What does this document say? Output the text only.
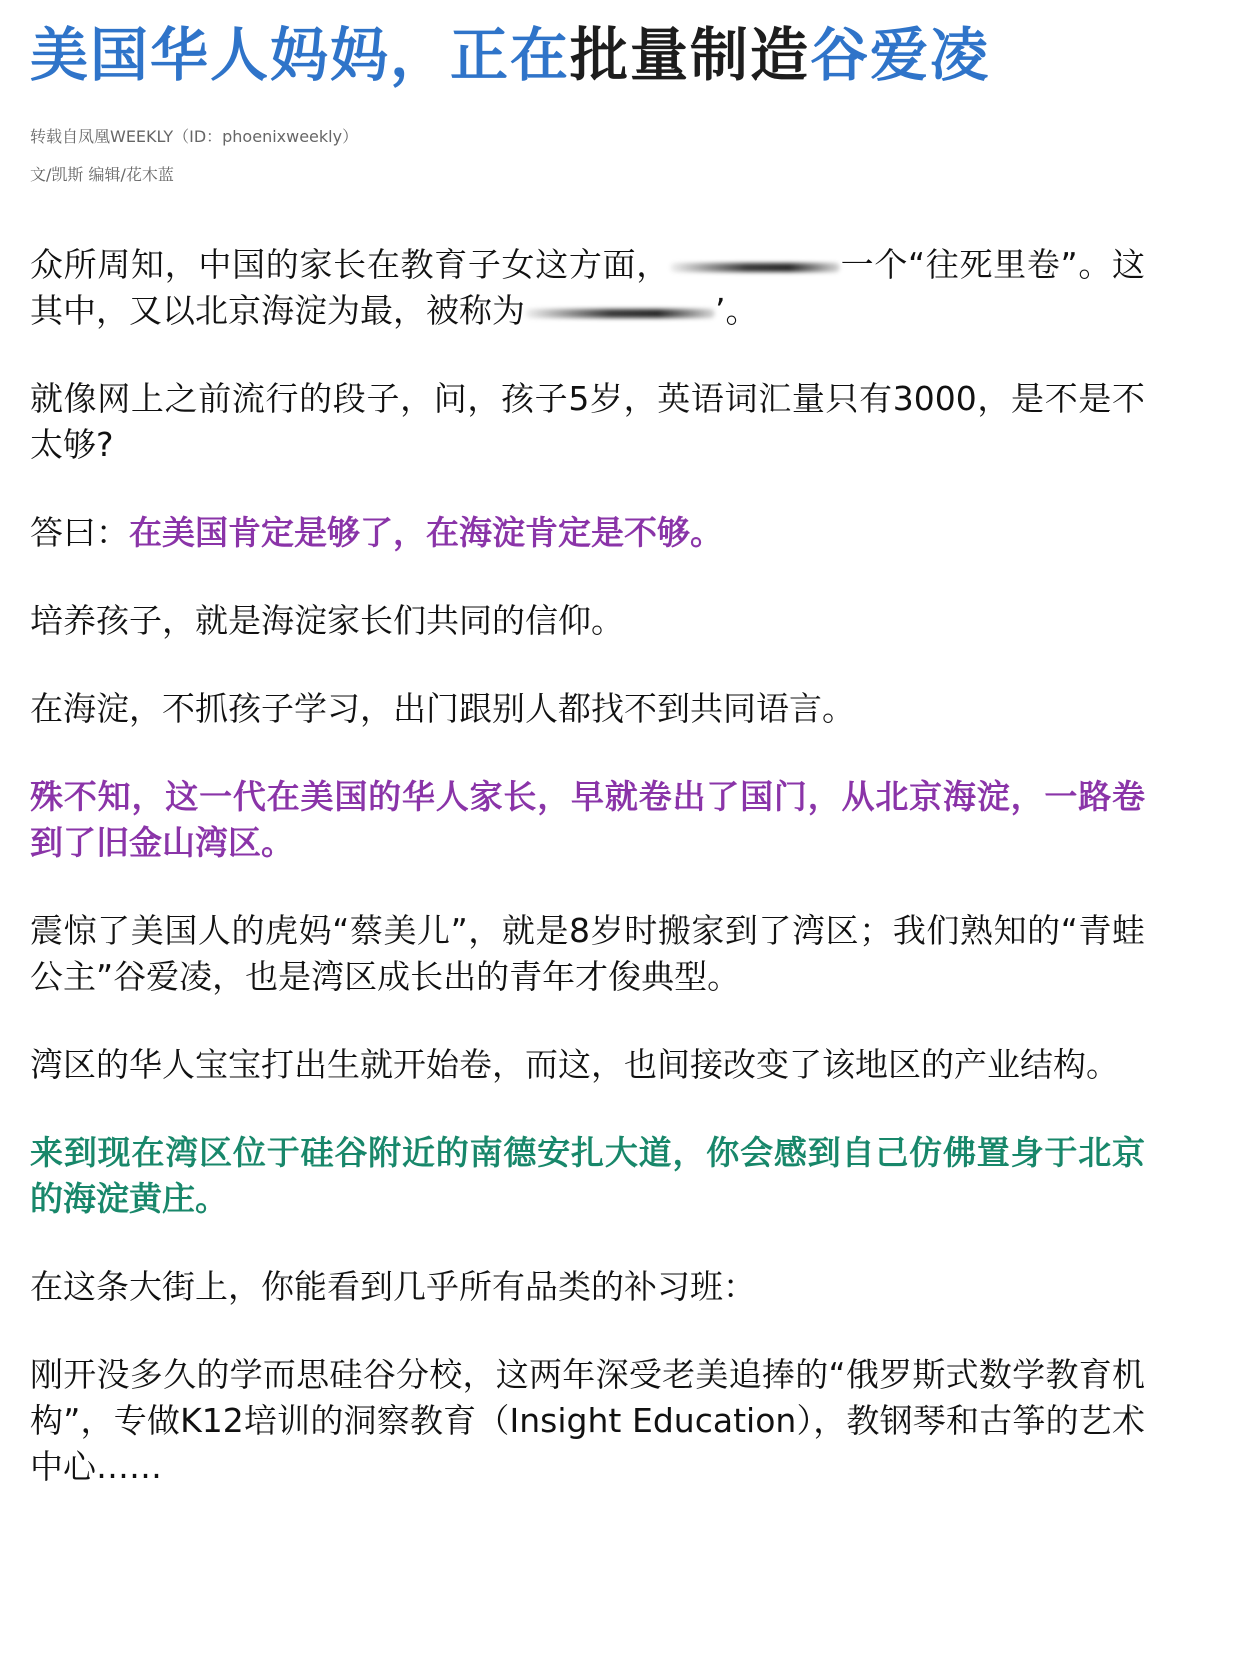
美国华人妈妈，正在批量制造谷爱凌

转载自凤凰WEEKLY（ID：phoenixweekly）

文/凯斯 编辑/花木蓝

众所周知，中国的家长在教育子女这方面，	一个“往死里卷”。这其中，又以北京海淀为最，被称为	’。

就像网上之前流行的段子，问，孩子5岁，英语词汇量只有3000，是不是不太够?

答曰：在美国肯定是够了，在海淀肯定是不够。

培养孩子，就是海淀家长们共同的信仰。

在海淀，不抓孩子学习，出门跟别人都找不到共同语言。

殊不知，这一代在美国的华人家长，早就卷出了国门，从北京海淀，一路卷到了旧金山湾区。

震惊了美国人的虎妈“蔡美儿”，就是8岁时搬家到了湾区；我们熟知的“青蛙公主”谷爱凌，也是湾区成长出的青年才俊典型。

湾区的华人宝宝打出生就开始卷，而这，也间接改变了该地区的产业结构。

来到现在湾区位于硅谷附近的南德安扎大道，你会感到自己仿佛置身于北京的海淀黄庄。

在这条大街上，你能看到几乎所有品类的补习班：

刚开没多久的学而思硅谷分校，这两年深受老美追捧的“俄罗斯式数学教育机构”，专做K12培训的洞察教育（Insight Education），教钢琴和古筝的艺术中心……
